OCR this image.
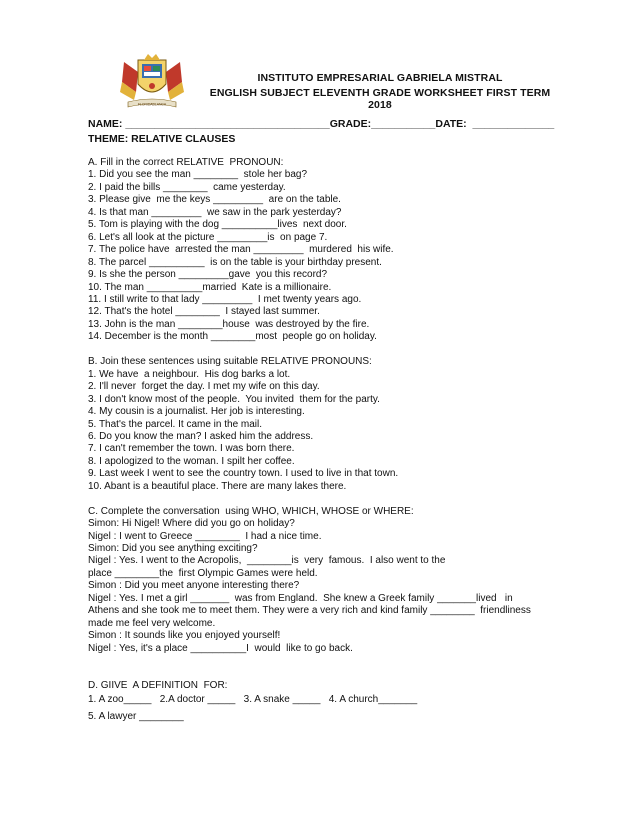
FLORIDABLANCA
INSTITUTO EMPRESARIAL GABRIELA MISTRAL
ENGLISH SUBJECT ELEVENTH GRADE WORKSHEET FIRST TERM 2018
NAME: ___________________________________GRADE:___________DATE:  ______________
THEME: RELATIVE CLAUSES
A. Fill in the correct RELATIVE  PRONOUN:
1. Did you see the man ________  stole her bag?
2. I paid the bills ________  came yesterday.
3. Please give  me the keys _________  are on the table.
4. Is that man _________  we saw in the park yesterday?
5. Tom is playing with the dog __________lives  next door.
6. Let's all look at the picture _________is  on page 7.
7. The police have  arrested the man _________  murdered  his wife.
8. The parcel __________  is on the table is your birthday present.
9. Is she the person _________gave  you this record?
10. The man __________married  Kate is a millionaire.
11. I still write to that lady _________  I met twenty years ago.
12. That's the hotel ________  I stayed last summer.
13. John is the man ________house  was destroyed by the fire.
14. December is the month ________most  people go on holiday.
B. Join these sentences using suitable RELATIVE PRONOUNS:
1. We have  a neighbour.  His dog barks a lot.
2. I'll never  forget the day. I met my wife on this day.
3. I don't know most of the people.  You invited  them for the party.
4. My cousin is a journalist. Her job is interesting.
5. That's the parcel. It came in the mail.
6. Do you know the man? I asked him the address.
7. I can't remember the town. I was born there.
8. I apologized to the woman. I spilt her coffee.
9. Last week I went to see the country town. I used to live in that town.
10. Abant is a beautiful place. There are many lakes there.
C. Complete the conversation  using WHO, WHICH, WHOSE or WHERE:
Simon: Hi Nigel! Where did you go on holiday?
Nigel : I went to Greece ________  I had a nice time.
Simon: Did you see anything exciting?
Nigel : Yes. I went to the Acropolis,  ________is  very  famous.  I also went to the
place ________the  first Olympic Games were held.
Simon : Did you meet anyone interesting there?
Nigel : Yes. I met a girl _______  was from England.  She knew a Greek family _______lived   in
Athens and she took me to meet them. They were a very rich and kind family ________  friendliness
made me feel very welcome.
Simon : It sounds like you enjoyed yourself!
Nigel : Yes, it's a place __________I  would  like to go back.
D. GIIVE  A DEFINITION  FOR:
1. A zoo_____   2.A doctor _____   3. A snake _____   4. A church_______
5. A lawyer ________
